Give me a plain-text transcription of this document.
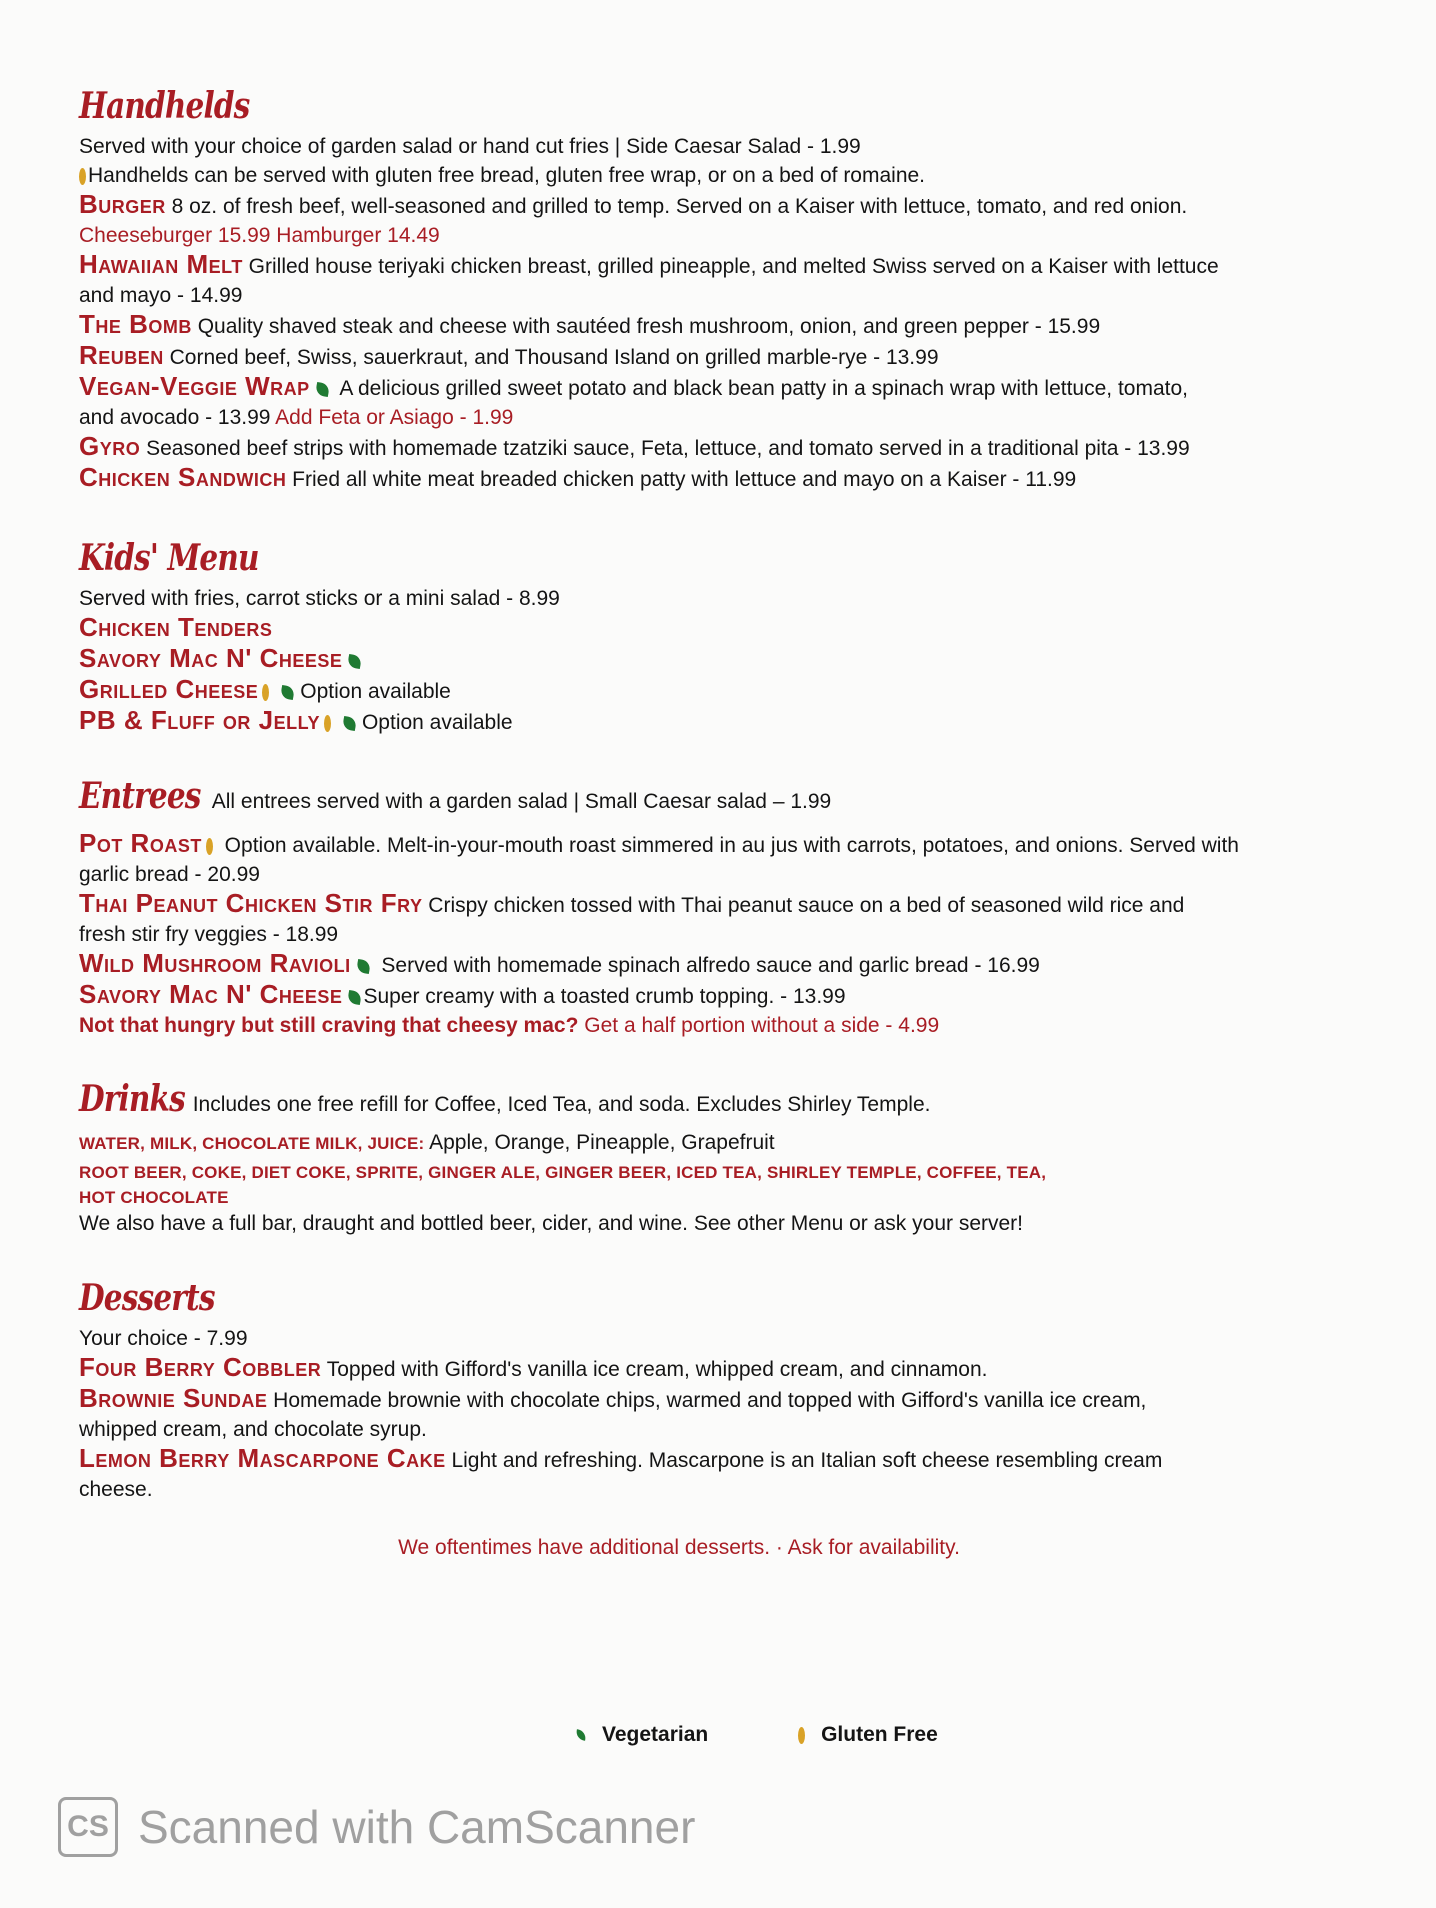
Handhelds
Served with your choice of garden salad or hand cut fries | Side Caesar Salad - 1.99
Handhelds can be served with gluten free bread, gluten free wrap, or on a bed of romaine.
Burger 8 oz. of fresh beef, well-seasoned and grilled to temp. Served on a Kaiser with lettuce, tomato, and red onion.
Cheeseburger 15.99 Hamburger 14.49
Hawaiian Melt Grilled house teriyaki chicken breast, grilled pineapple, and melted Swiss served on a Kaiser with lettuce
and mayo - 14.99
The Bomb Quality shaved steak and cheese with sautéed fresh mushroom, onion, and green pepper - 15.99
Reuben Corned beef, Swiss, sauerkraut, and Thousand Island on grilled marble-rye - 13.99
Vegan-Veggie Wrap A delicious grilled sweet potato and black bean patty in a spinach wrap with lettuce, tomato,
and avocado - 13.99 Add Feta or Asiago - 1.99
Gyro Seasoned beef strips with homemade tzatziki sauce, Feta, lettuce, and tomato served in a traditional pita - 13.99
Chicken Sandwich Fried all white meat breaded chicken patty with lettuce and mayo on a Kaiser - 11.99
Kids' Menu
Served with fries, carrot sticks or a mini salad - 8.99
Chicken Tenders
Savory Mac N' Cheese
Grilled Cheese Option available
PB & Fluff or Jelly Option available
Entrees All entrees served with a garden salad | Small Caesar salad – 1.99
Pot Roast Option available. Melt-in-your-mouth roast simmered in au jus with carrots, potatoes, and onions. Served with
garlic bread - 20.99
Thai Peanut Chicken Stir Fry Crispy chicken tossed with Thai peanut sauce on a bed of seasoned wild rice and
fresh stir fry veggies - 18.99
Wild Mushroom Ravioli Served with homemade spinach alfredo sauce and garlic bread - 16.99
Savory Mac N' Cheese Super creamy with a toasted crumb topping. - 13.99
Not that hungry but still craving that cheesy mac? Get a half portion without a side - 4.99
Drinks Includes one free refill for Coffee, Iced Tea, and soda. Excludes Shirley Temple.
WATER, MILK, CHOCOLATE MILK, JUICE: Apple, Orange, Pineapple, Grapefruit
ROOT BEER, COKE, DIET COKE, SPRITE, GINGER ALE, GINGER BEER, ICED TEA, SHIRLEY TEMPLE, COFFEE, TEA,
HOT CHOCOLATE
We also have a full bar, draught and bottled beer, cider, and wine. See other Menu or ask your server!
Desserts
Your choice - 7.99
Four Berry Cobbler Topped with Gifford's vanilla ice cream, whipped cream, and cinnamon.
Brownie Sundae Homemade brownie with chocolate chips, warmed and topped with Gifford's vanilla ice cream,
whipped cream, and chocolate syrup.
Lemon Berry Mascarpone Cake Light and refreshing. Mascarpone is an Italian soft cheese resembling cream
cheese.
We oftentimes have additional desserts. · Ask for availability.
Vegetarian	Gluten Free
CS Scanned with CamScanner
